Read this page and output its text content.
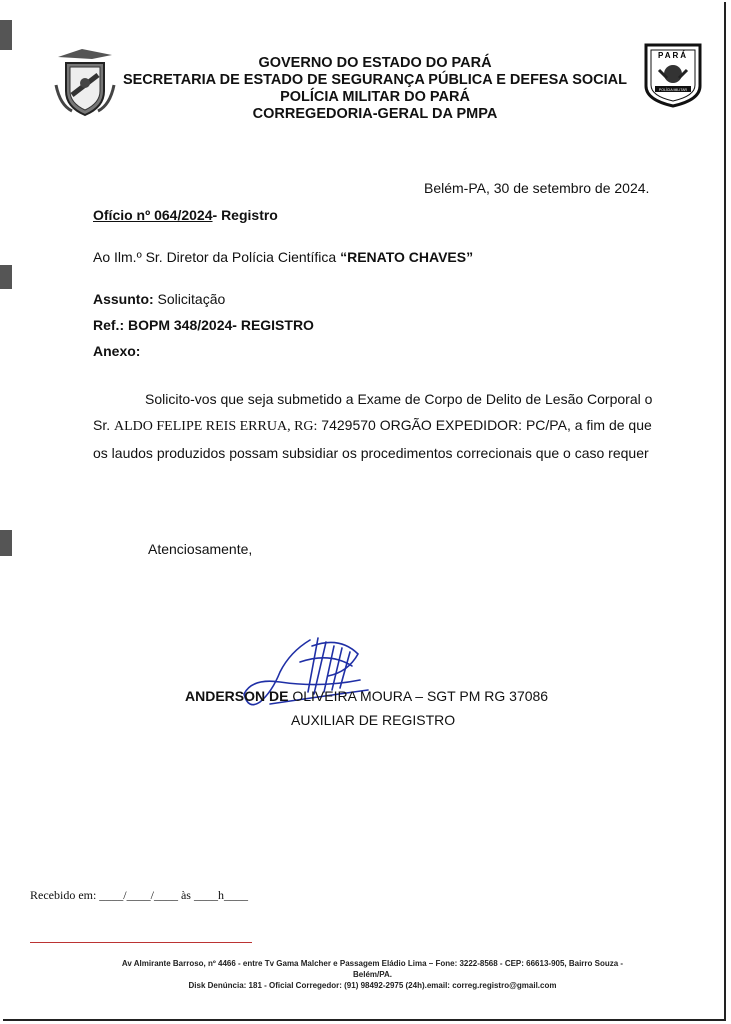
GOVERNO DO ESTADO DO PARÁ
SECRETARIA DE ESTADO DE SEGURANÇA PÚBLICA E DEFESA SOCIAL
POLÍCIA MILITAR DO PARÁ
CORREGEDORIA-GERAL DA PMPA
PARÁ
POLÍCIA MILITAR
Belém-PA, 30 de setembro de 2024.
Ofício nº 064/2024- Registro
Ao Ilm.º Sr. Diretor da Polícia Científica “RENATO CHAVES”
Assunto: Solicitação
Ref.: BOPM 348/2024- REGISTRO
Anexo:
Solicito-vos que seja submetido a Exame de Corpo de Delito de Lesão Corporal o Sr. ALDO FELIPE REIS ERRUA, RG: 7429570 ORGÃO EXPEDIDOR: PC/PA, a fim de que os laudos produzidos possam subsidiar os procedimentos correcionais que o caso requer
Atenciosamente,
ANDERSON DE OLIVEIRA MOURA – SGT PM RG 37086
AUXILIAR DE REGISTRO
Recebido em: ____/____/____ às ____h____
Av Almirante Barroso, nº 4466 - entre Tv Gama Malcher e Passagem Eládio Lima – Fone: 3222-8568 - CEP: 66613-905, Bairro Souza -
Belém/PA.
Disk Denúncia: 181 - Oficial Corregedor: (91) 98492-2975 (24h).email: correg.registro@gmail.com
